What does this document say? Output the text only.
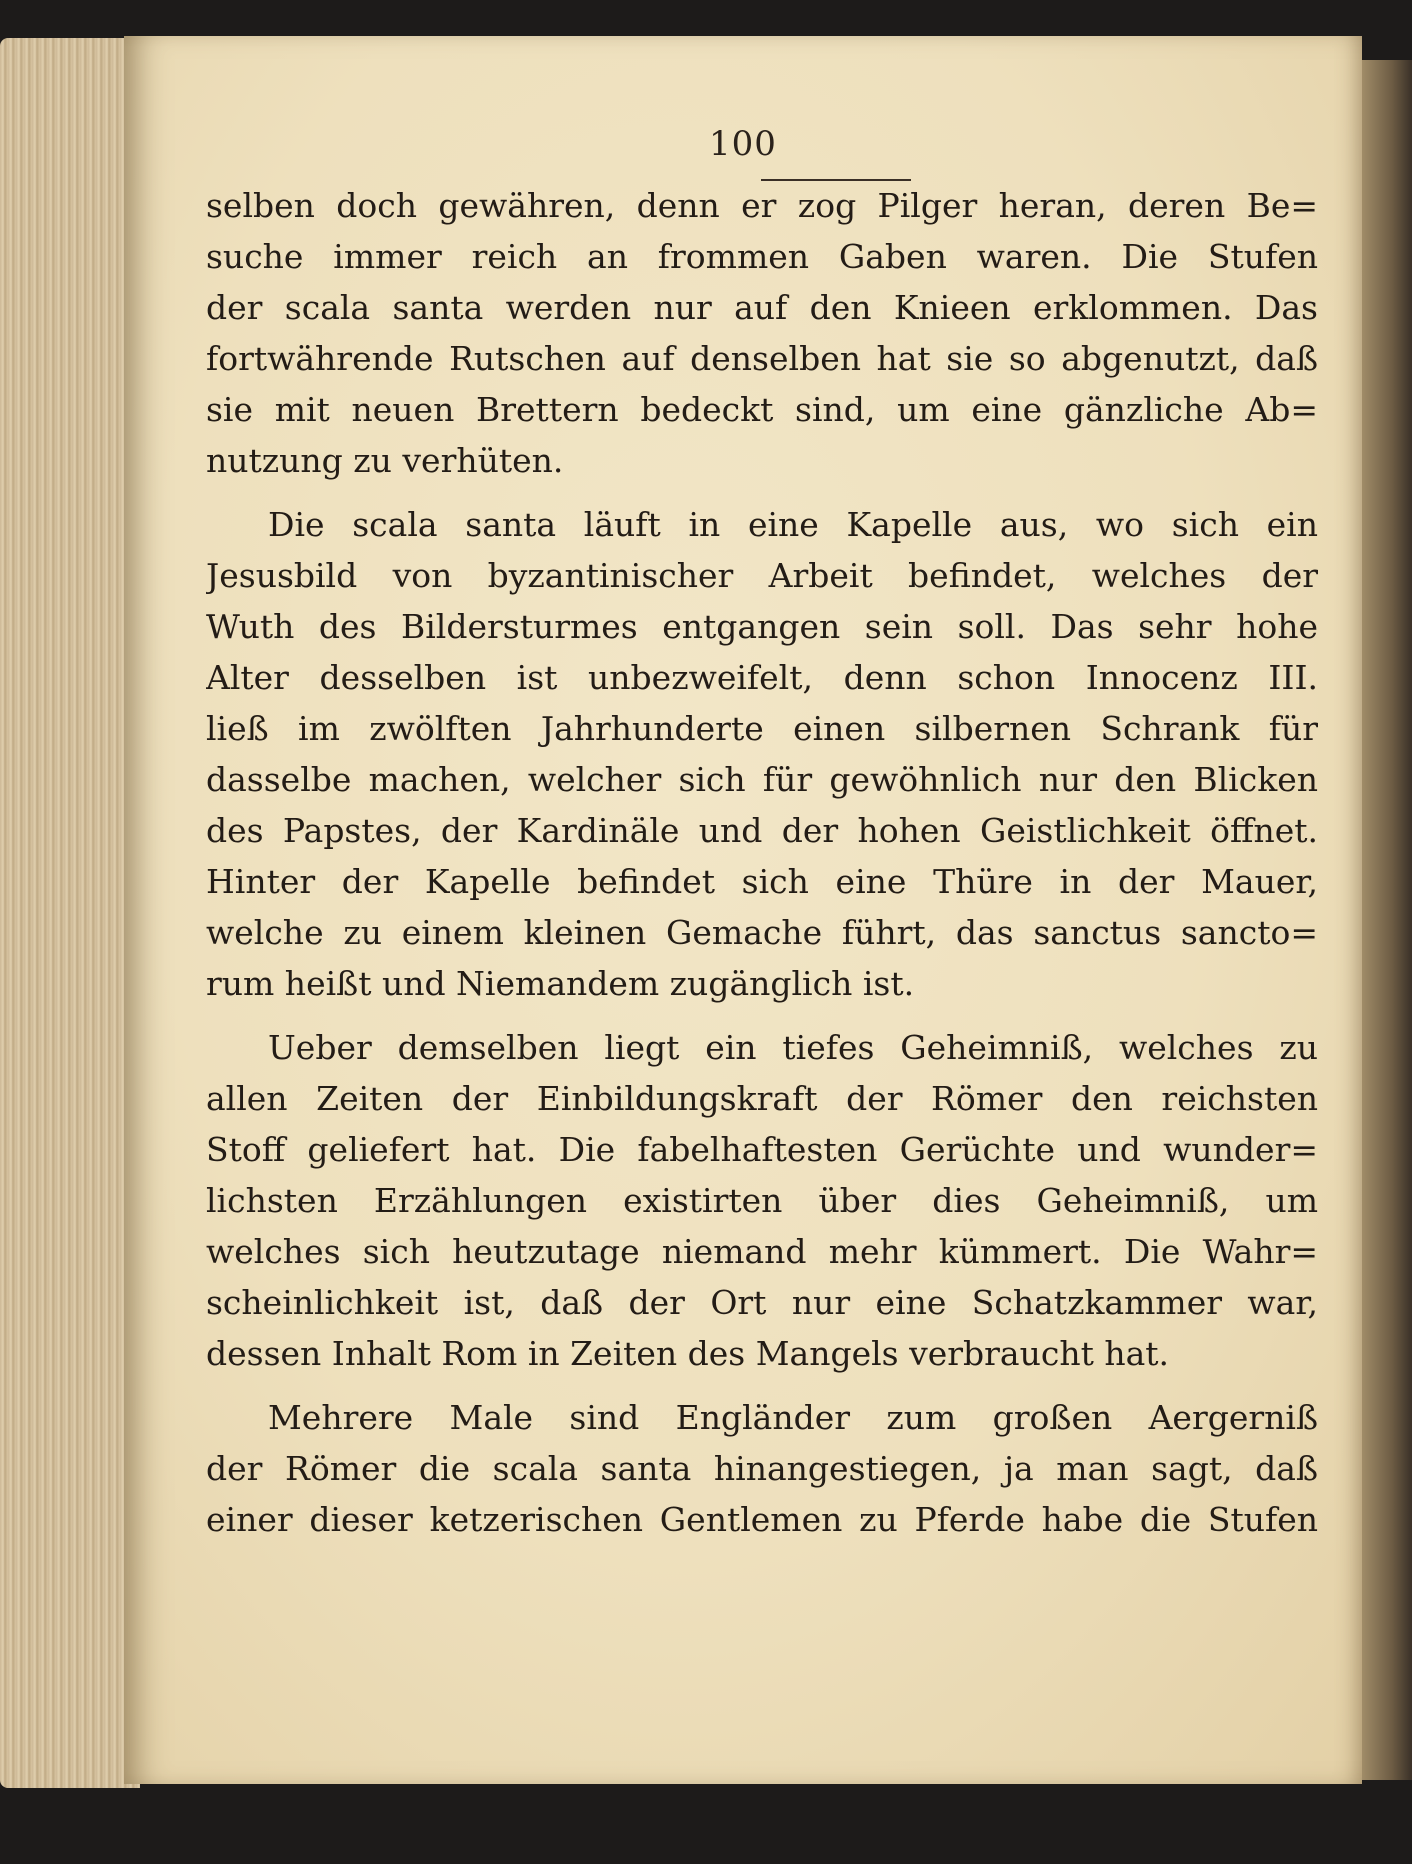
100
selben doch gewähren, denn er zog Pilger heran, deren Be=
suche immer reich an frommen Gaben waren. Die Stufen
der scala santa werden nur auf den Knieen erklommen. Das
fortwährende Rutschen auf denselben hat sie so abgenutzt, daß
sie mit neuen Brettern bedeckt sind, um eine gänzliche Ab=
nutzung zu verhüten.
Die scala santa läuft in eine Kapelle aus, wo sich ein
Jesusbild von byzantinischer Arbeit befindet, welches der
Wuth des Bildersturmes entgangen sein soll. Das sehr hohe
Alter desselben ist unbezweifelt, denn schon Innocenz III.
ließ im zwölften Jahrhunderte einen silbernen Schrank für
dasselbe machen, welcher sich für gewöhnlich nur den Blicken
des Papstes, der Kardinäle und der hohen Geistlichkeit öffnet.
Hinter der Kapelle befindet sich eine Thüre in der Mauer,
welche zu einem kleinen Gemache führt, das sanctus sancto=
rum heißt und Niemandem zugänglich ist.
Ueber demselben liegt ein tiefes Geheimniß, welches zu
allen Zeiten der Einbildungskraft der Römer den reichsten
Stoff geliefert hat. Die fabelhaftesten Gerüchte und wunder=
lichsten Erzählungen existirten über dies Geheimniß, um
welches sich heutzutage niemand mehr kümmert. Die Wahr=
scheinlichkeit ist, daß der Ort nur eine Schatzkammer war,
dessen Inhalt Rom in Zeiten des Mangels verbraucht hat.
Mehrere Male sind Engländer zum großen Aergerniß
der Römer die scala santa hinangestiegen, ja man sagt, daß
einer dieser ketzerischen Gentlemen zu Pferde habe die Stufen
